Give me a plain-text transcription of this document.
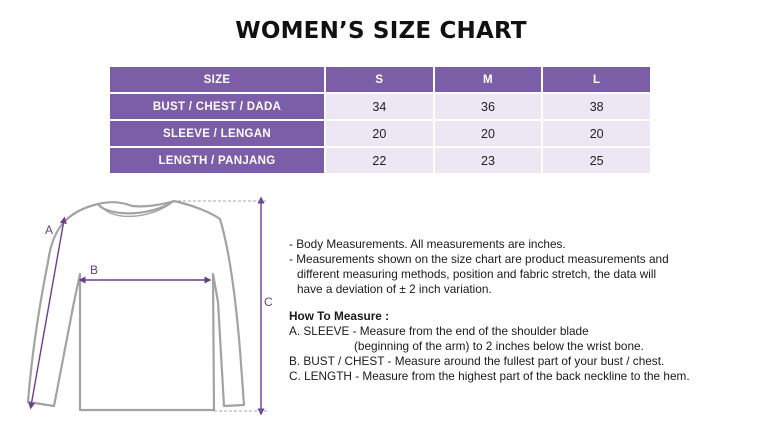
WOMEN’S SIZE CHART
SIZE	S	M	L
BUST / CHEST / DADA	34	36	38
SLEEVE / LENGAN	20	20	20
LENGTH / PANJANG	22	23	25
A
B
C

- Body Measurements. All measurements are inches.

- Measurements shown on the size chart are product measurements and

different measuring methods, position and fabric stretch, the data will

have a deviation of ± 2 inch variation.

How To Measure :

A. SLEEVE - Measure from the end of the shoulder blade

(beginning of the arm) to 2 inches below the wrist bone.

B. BUST / CHEST - Measure around the fullest part of your bust / chest.

C. LENGTH - Measure from the highest part of the back neckline to the hem.
